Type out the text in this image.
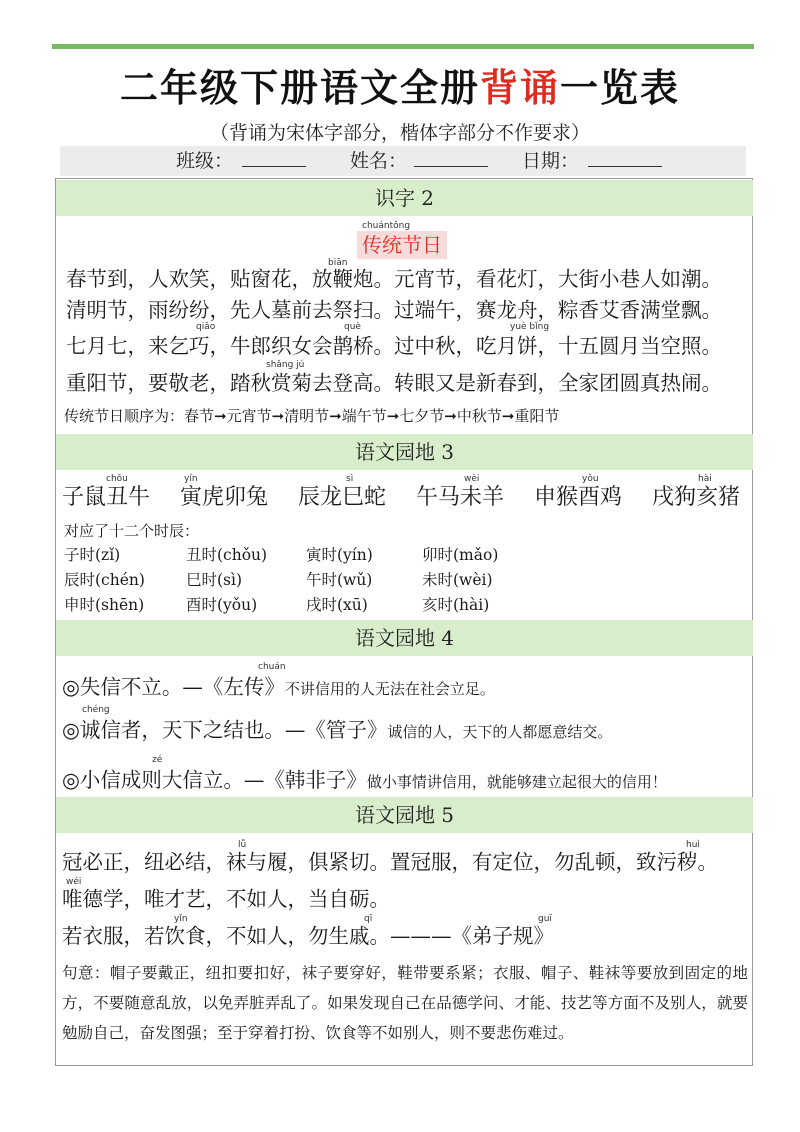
二年级下册语文全册背诵一览表
（背诵为宋体字部分，楷体字部分不作要求）
班级：	姓名：	日期：
识字 2
chuántǒng
传统节日
biān
春节到，人欢笑，贴窗花，放鞭炮。元宵节，看花灯，大街小巷人如潮。
清明节，雨纷纷，先人墓前去祭扫。过端午，赛龙舟，粽香艾香满堂飘。
qiǎo	què	yuè bǐng
七月七，来乞巧，牛郎织女会鹊桥。过中秋，吃月饼，十五圆月当空照。
shǎng jú
重阳节，要敬老，踏秋赏菊去登高。转眼又是新春到，全家团圆真热闹。
传统节日顺序为：春节➞元宵节➞清明节➞端午节➞七夕节➞中秋节➞重阳节
语文园地 3
chǒu	yín	sì	wèi	yǒu	hài
子鼠丑牛 寅虎卯兔 辰龙巳蛇 午马未羊 申猴酉鸡 戌狗亥猪
对应了十二个时辰：
子时(zǐ)	丑时(chǒu)	寅时(yín)	卯时(mǎo)
辰时(chén)	巳时(sì)	午时(wǔ)	未时(wèi)
申时(shēn)	酉时(yǒu)	戌时(xū)	亥时(hài)
语文园地 4
chuán
◎失信不立。—《左传》不讲信用的人无法在社会立足。
chéng
◎诚信者，天下之结也。—《管子》诚信的人，天下的人都愿意结交。
zé
◎小信成则大信立。—《韩非子》做小事情讲信用，就能够建立起很大的信用！
语文园地 5
lǚ	huì
冠必正，纽必结，袜与履，俱紧切。置冠服，有定位，勿乱顿，致污秽。
wéi
唯德学，唯才艺，不如人，当自砺。
yǐn	qī	guī
若衣服，若饮食，不如人，勿生戚。———《弟子规》
句意：帽子要戴正，纽扣要扣好，袜子要穿好，鞋带要系紧；衣服、帽子、鞋袜等要放到固定的地方，不要随意乱放，以免弄脏弄乱了。如果发现自己在品德学问、才能、技艺等方面不及别人，就要勉励自己，奋发图强；至于穿着打扮、饮食等不如别人，则不要悲伤难过。
